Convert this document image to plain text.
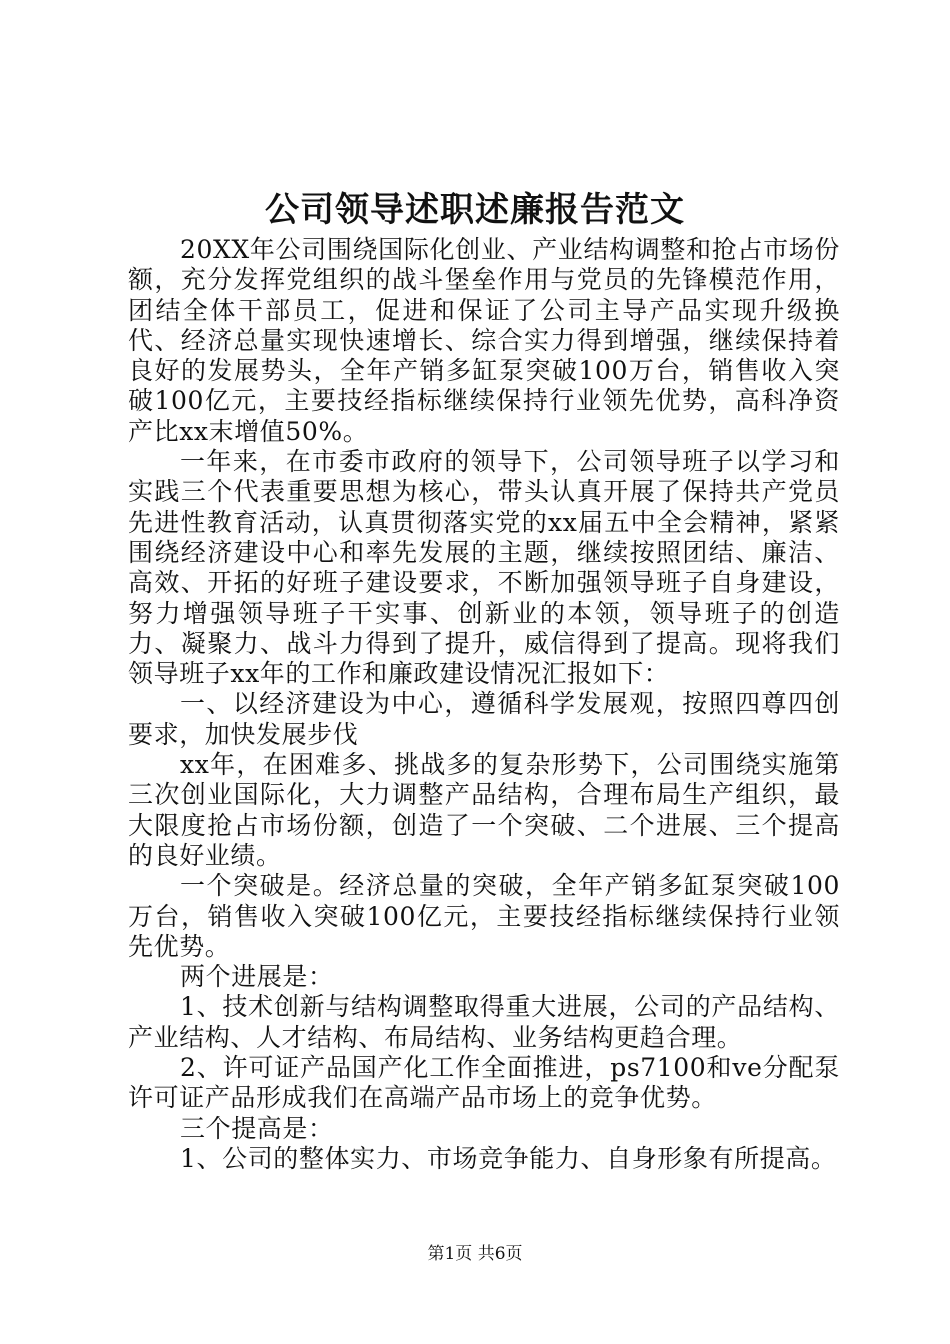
公司领导述职述廉报告范文

20XX年公司围绕国际化创业、产业结构调整和抢占市场份额，充分发挥党组织的战斗堡垒作用与党员的先锋模范作用，团结全体干部员工，促进和保证了公司主导产品实现升级换代、经济总量实现快速增长、综合实力得到增强，继续保持着良好的发展势头，全年产销多缸泵突破100万台，销售收入突破100亿元，主要技经指标继续保持行业领先优势，高科净资产比xx末增值50%。

一年来，在市委市政府的领导下，公司领导班子以学习和实践三个代表重要思想为核心，带头认真开展了保持共产党员先进性教育活动，认真贯彻落实党的xx届五中全会精神，紧紧围绕经济建设中心和率先发展的主题，继续按照团结、廉洁、高效、开拓的好班子建设要求，不断加强领导班子自身建设，努力增强领导班子干实事、创新业的本领，领导班子的创造力、凝聚力、战斗力得到了提升，威信得到了提高。现将我们领导班子xx年的工作和廉政建设情况汇报如下：

一、以经济建设为中心，遵循科学发展观，按照四尊四创要求，加快发展步伐

xx年，在困难多、挑战多的复杂形势下，公司围绕实施第三次创业国际化，大力调整产品结构，合理布局生产组织，最大限度抢占市场份额，创造了一个突破、二个进展、三个提高的良好业绩。

一个突破是。经济总量的突破，全年产销多缸泵突破100万台，销售收入突破100亿元，主要技经指标继续保持行业领先优势。

两个进展是：

1、技术创新与结构调整取得重大进展，公司的产品结构、产业结构、人才结构、布局结构、业务结构更趋合理。

2、许可证产品国产化工作全面推进，ps7100和ve分配泵许可证产品形成我们在高端产品市场上的竞争优势。

三个提高是：

1、公司的整体实力、市场竞争能力、自身形象有所提高。

第1页 共6页
